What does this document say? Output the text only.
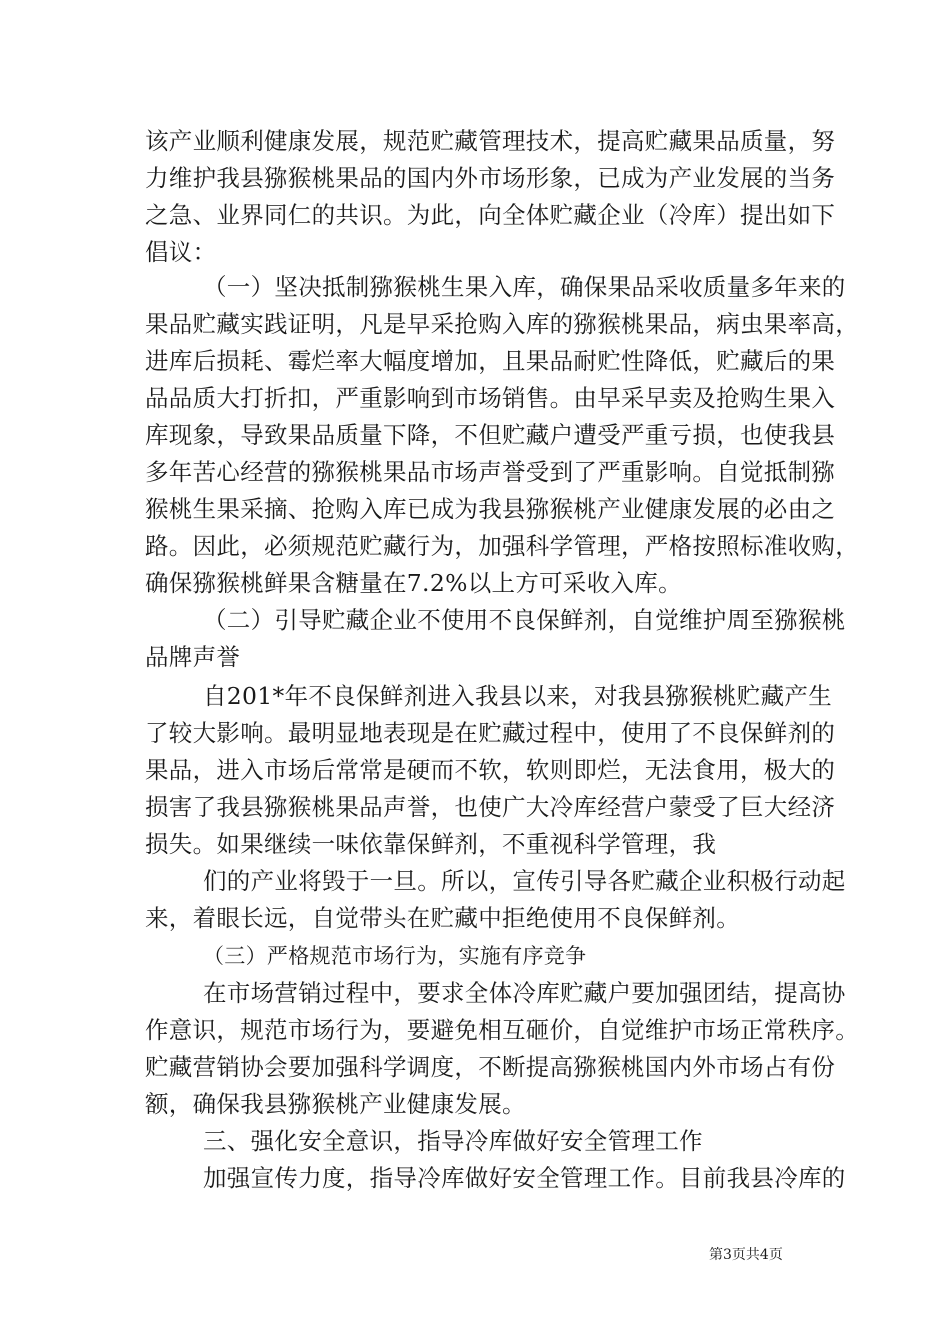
该产业顺利健康发展，规范贮藏管理技术，提高贮藏果品质量，努
力维护我县猕猴桃果品的国内外市场形象，已成为产业发展的当务
之急、业界同仁的共识。为此，向全体贮藏企业（冷库）提出如下
倡议：
（一）坚决抵制猕猴桃生果入库，确保果品采收质量多年来的
果品贮藏实践证明，凡是早采抢购入库的猕猴桃果品，病虫果率高，
进库后损耗、霉烂率大幅度增加，且果品耐贮性降低，贮藏后的果
品品质大打折扣，严重影响到市场销售。由早采早卖及抢购生果入
库现象，导致果品质量下降，不但贮藏户遭受严重亏损，也使我县
多年苦心经营的猕猴桃果品市场声誉受到了严重影响。自觉抵制猕
猴桃生果采摘、抢购入库已成为我县猕猴桃产业健康发展的必由之
路。因此，必须规范贮藏行为，加强科学管理，严格按照标准收购，
确保猕猴桃鲜果含糖量在7.2%以上方可采收入库。
（二）引导贮藏企业不使用不良保鲜剂，自觉维护周至猕猴桃
品牌声誉
自201*年不良保鲜剂进入我县以来，对我县猕猴桃贮藏产生
了较大影响。最明显地表现是在贮藏过程中，使用了不良保鲜剂的
果品，进入市场后常常是硬而不软，软则即烂，无法食用，极大的
损害了我县猕猴桃果品声誉，也使广大冷库经营户蒙受了巨大经济
损失。如果继续一味依靠保鲜剂，不重视科学管理，我
们的产业将毁于一旦。所以，宣传引导各贮藏企业积极行动起
来，着眼长远，自觉带头在贮藏中拒绝使用不良保鲜剂。
（三）严格规范市场行为，实施有序竞争
在市场营销过程中，要求全体冷库贮藏户要加强团结，提高协
作意识，规范市场行为，要避免相互砸价，自觉维护市场正常秩序。
贮藏营销协会要加强科学调度，不断提高猕猴桃国内外市场占有份
额，确保我县猕猴桃产业健康发展。
三、强化安全意识，指导冷库做好安全管理工作
加强宣传力度，指导冷库做好安全管理工作。目前我县冷库的
第3页共4页
